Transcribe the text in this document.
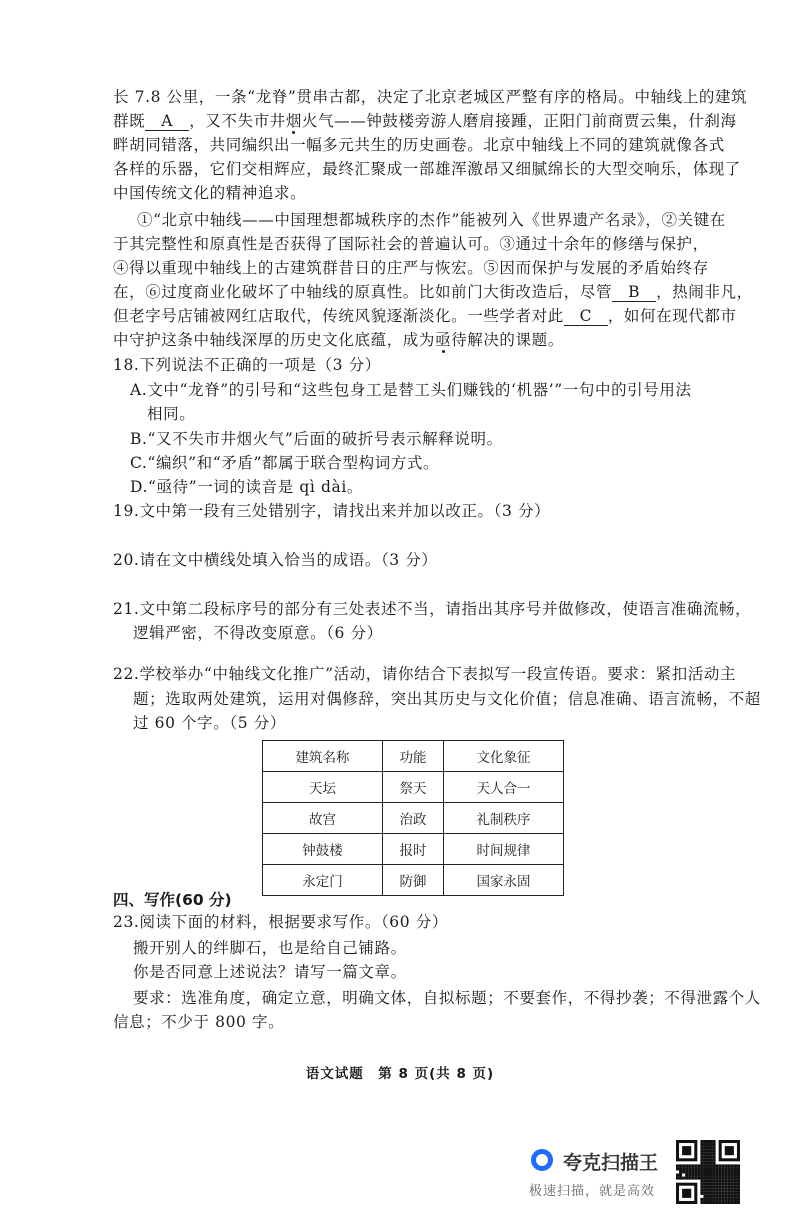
长 7.8 公里，一条“龙脊”贯串古都，决定了北京老城区严整有序的格局。中轴线上的建筑
群既 A ，又不失市井烟火气——钟鼓楼旁游人磨肩接踵，正阳门前商贾云集，什刹海
畔胡同错落，共同编织出一幅多元共生的历史画卷。北京中轴线上不同的建筑就像各式
各样的乐器，它们交相辉应，最终汇聚成一部雄浑激昂又细腻绵长的大型交响乐，体现了
中国传统文化的精神追求。
①“北京中轴线——中国理想都城秩序的杰作”能被列入《世界遗产名录》，②关键在
于其完整性和原真性是否获得了国际社会的普遍认可。③通过十余年的修缮与保护，
④得以重现中轴线上的古建筑群昔日的庄严与恢宏。⑤因而保护与发展的矛盾始终存
在，⑥过度商业化破坏了中轴线的原真性。比如前门大街改造后，尽管 B ，热闹非凡，
但老字号店铺被网红店取代，传统风貌逐渐淡化。一些学者对此 C ，如何在现代都市
中守护这条中轴线深厚的历史文化底蕴，成为亟待解决的课题。
18.下列说法不正确的一项是（3 分）
A.文中“龙脊”的引号和“这些包身工是替工头们赚钱的‘机器’”一句中的引号用法
相同。
B.“又不失市井烟火气”后面的破折号表示解释说明。
C.“编织”和“矛盾”都属于联合型构词方式。
D.“亟待”一词的读音是 qì dài。
19.文中第一段有三处错别字，请找出来并加以改正。（3 分）
20.请在文中横线处填入恰当的成语。（3 分）
21.文中第二段标序号的部分有三处表述不当，请指出其序号并做修改，使语言准确流畅，
逻辑严密，不得改变原意。（6 分）
22.学校举办“中轴线文化推广”活动，请你结合下表拟写一段宣传语。要求：紧扣活动主
题；选取两处建筑，运用对偶修辞，突出其历史与文化价值；信息准确、语言流畅，不超
过 60 个字。（5 分）
建筑名称	功能	文化象征
天坛	祭天	天人合一
故宫	治政	礼制秩序
钟鼓楼	报时	时间规律
永定门	防御	国家永固
四、写作(60 分)
23.阅读下面的材料，根据要求写作。（60 分）
搬开别人的绊脚石，也是给自己铺路。
你是否同意上述说法？请写一篇文章。
要求：选准角度，确定立意，明确文体，自拟标题；不要套作，不得抄袭；不得泄露个人
信息；不少于 800 字。
语文试题　第 8 页(共 8 页)
夸克扫描王
极速扫描，就是高效
